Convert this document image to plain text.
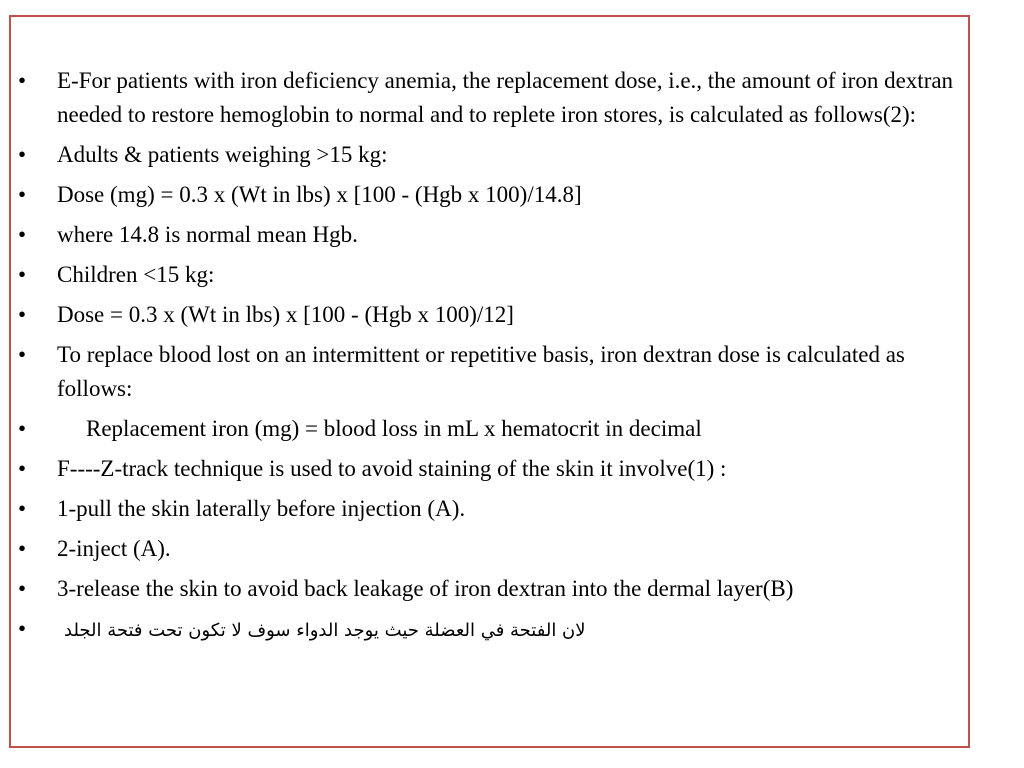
• E-For patients with iron deficiency anemia, the replacement dose, i.e., the amount of iron dextran needed to restore hemoglobin to normal and to replete iron stores, is calculated as follows(2):
• Adults & patients weighing >15 kg:
• Dose (mg) = 0.3 x (Wt in lbs) x [100 - (Hgb x 100)/14.8]
• where 14.8 is normal mean Hgb.
• Children <15 kg:
• Dose = 0.3 x (Wt in lbs) x [100 - (Hgb x 100)/12]
• To replace blood lost on an intermittent or repetitive basis, iron dextran dose is calculated as follows:
•	Replacement iron (mg) = blood loss in mL x hematocrit in decimal
• F----Z-track technique is used to avoid staining of the skin it involve(1) :
• 1-pull the skin laterally before injection (A).
• 2-inject (A).
• 3-release the skin to avoid back leakage of iron dextran into the dermal layer(B)
• لان الفتحة في العضلة حيث يوجد الدواء سوف لا تكون تحت فتحة الجلد
